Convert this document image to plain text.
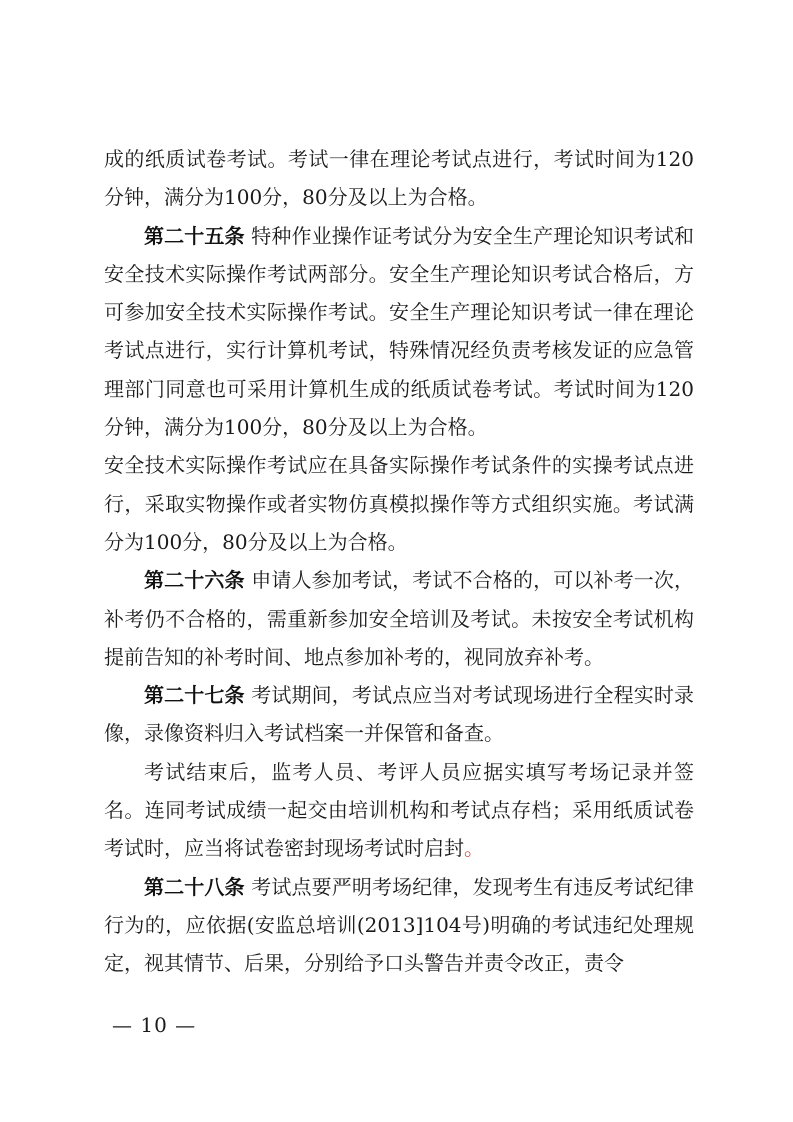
成的纸质试卷考试。考试一律在理论考试点进行，考试时间为120分钟，满分为100分，80分及以上为合格。

第二十五条 特种作业操作证考试分为安全生产理论知识考试和安全技术实际操作考试两部分。安全生产理论知识考试合格后，方可参加安全技术实际操作考试。安全生产理论知识考试一律在理论考试点进行，实行计算机考试，特殊情况经负责考核发证的应急管理部门同意也可采用计算机生成的纸质试卷考试。考试时间为120分钟，满分为100分，80分及以上为合格。

安全技术实际操作考试应在具备实际操作考试条件的实操考试点进行，采取实物操作或者实物仿真模拟操作等方式组织实施。考试满分为100分，80分及以上为合格。

第二十六条 申请人参加考试，考试不合格的，可以补考一次，补考仍不合格的，需重新参加安全培训及考试。未按安全考试机构提前告知的补考时间、地点参加补考的，视同放弃补考。

第二十七条 考试期间，考试点应当对考试现场进行全程实时录像，录像资料归入考试档案一并保管和备查。

考试结束后，监考人员、考评人员应据实填写考场记录并签名。连同考试成绩一起交由培训机构和考试点存档；采用纸质试卷考试时，应当将试卷密封现场考试时启封。

第二十八条 考试点要严明考场纪律，发现考生有违反考试纪律行为的，应依据(安监总培训(2013]104号)明确的考试违纪处理规定，视其情节、后果，分别给予口头警告并责令改正，责令

— 10 —
